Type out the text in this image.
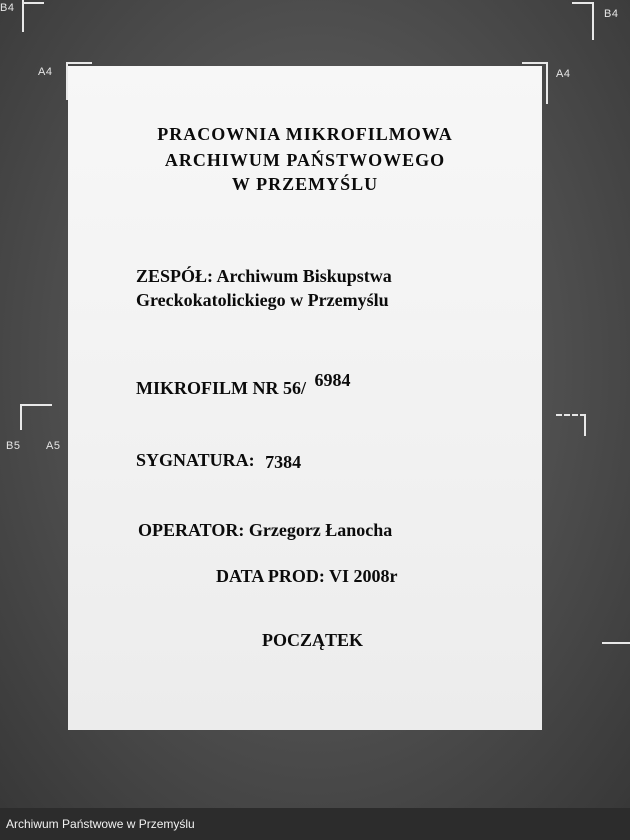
B4	B4
A4	A4
B5 A5
PRACOWNIA MIKROFILMOWA
ARCHIWUM PAŃSTWOWEGO
W PRZEMYŚLU
ZESPÓŁ: Archiwum Biskupstwa
Greckokatolickiego w Przemyślu
MIKROFILM NR 56/ 6984
SYGNATURA: 7384
OPERATOR: Grzegorz Łanocha
DATA PROD: VI 2008r
POCZĄTEK
Archiwum Państwowe w Przemyślu
